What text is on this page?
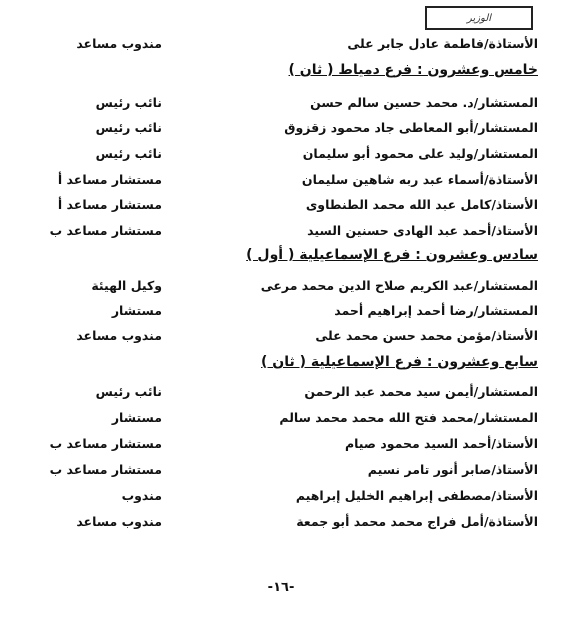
الوزير
الأستاذة/فاطمة عادل جابر على
مندوب مساعد
خامس وعشرون : فرع دمياط ( ثان )
المستشار/د. محمد حسين سالم حسن
نائب رئيس
المستشار/أبو المعاطى جاد محمود زقزوق
نائب رئيس
المستشار/وليد على محمود أبو سليمان
نائب رئيس
الأستاذة/أسماء عبد ربه شاهين سليمان
مستشار مساعد أ
الأستاذ/كامل عبد الله محمد الطنطاوى
مستشار مساعد أ
الأستاذ/أحمد عبد الهادى حسنين السيد
مستشار مساعد ب
سادس وعشرون : فرع الإسماعيلية ( أول )
المستشار/عبد الكريم صلاح الدين محمد مرعى
وكيل الهيئة
المستشار/رضا أحمد إبراهيم أحمد
مستشار
الأستاذ/مؤمن محمد حسن محمد على
مندوب مساعد
سابع وعشرون : فرع الإسماعيلية ( ثان )
المستشار/أيمن سيد محمد عبد الرحمن
نائب رئيس
المستشار/محمد فتح الله محمد محمد سالم
مستشار
الأستاذ/أحمد السيد محمود صيام
مستشار مساعد ب
الأستاذ/صابر أنور تامر نسيم
مستشار مساعد ب
الأستاذ/مصطفى إبراهيم الخليل إبراهيم
مندوب
الأستاذة/أمل فراج محمد محمد أبو جمعة
مندوب مساعد
-١٦-
